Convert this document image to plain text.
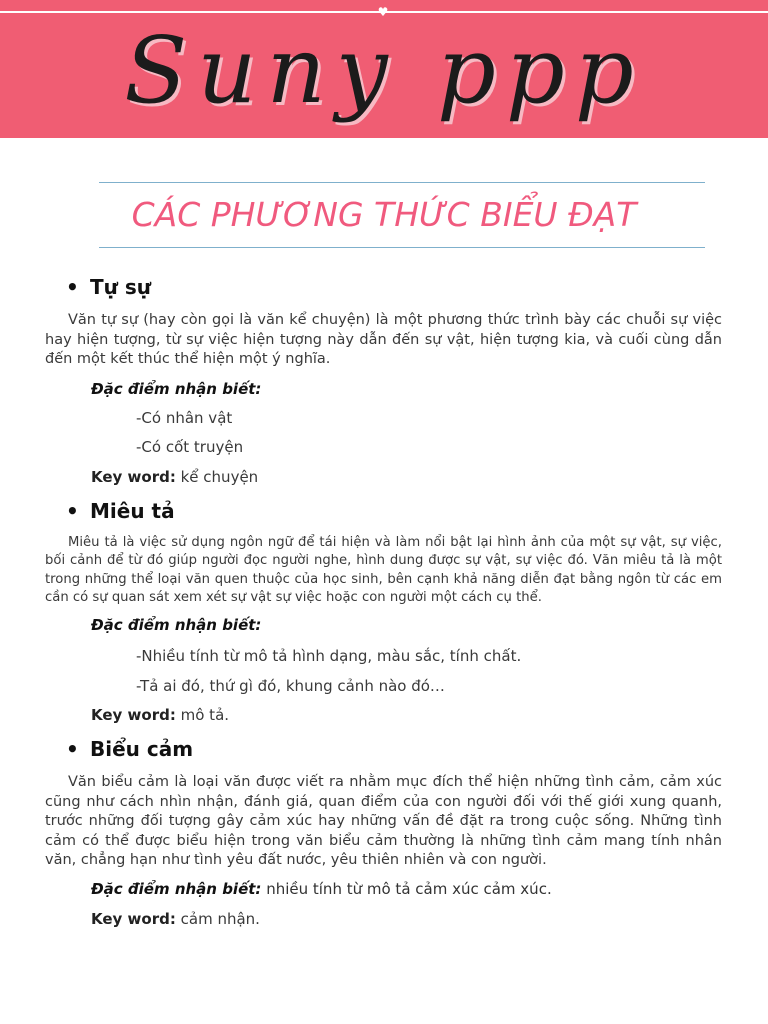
♥
Suny ppp
CÁC PHƯƠNG THỨC BIỂU ĐẠT
• Tự sự

Văn tự sự (hay còn gọi là văn kể chuyện) là một phương thức trình bày các chuỗi sự việc hay hiện tượng, từ sự việc hiện tượng này dẫn đến sự vật, hiện tượng kia, và cuối cùng dẫn đến một kết thúc thể hiện một ý nghĩa.

Đặc điểm nhận biết:
-Có nhân vật
-Có cốt truyện
Key word: kể chuyện
• Miêu tả

Miêu tả là việc sử dụng ngôn ngữ để tái hiện và làm nổi bật lại hình ảnh của một sự vật, sự việc, bối cảnh để từ đó giúp người đọc người nghe, hình dung được sự vật, sự việc đó. Văn miêu tả là một trong những thể loại văn quen thuộc của học sinh, bên cạnh khả năng diễn đạt bằng ngôn từ các em cần có sự quan sát xem xét sự vật sự việc hoặc con người một cách cụ thể.

Đặc điểm nhận biết:
-Nhiều tính từ mô tả hình dạng, màu sắc, tính chất.
-Tả ai đó, thứ gì đó, khung cảnh nào đó…
Key word: mô tả.
• Biểu cảm

Văn biểu cảm là loại văn được viết ra nhằm mục đích thể hiện những tình cảm, cảm xúc cũng như cách nhìn nhận, đánh giá, quan điểm của con người đối với thế giới xung quanh, trước những đối tượng gây cảm xúc hay những vấn đề đặt ra trong cuộc sống. Những tình cảm có thể được biểu hiện trong văn biểu cảm thường là những tình cảm mang tính nhân văn, chẳng hạn như tình yêu đất nước, yêu thiên nhiên và con người.

Đặc điểm nhận biết: nhiều tính từ mô tả cảm xúc cảm xúc.
Key word: cảm nhận.
